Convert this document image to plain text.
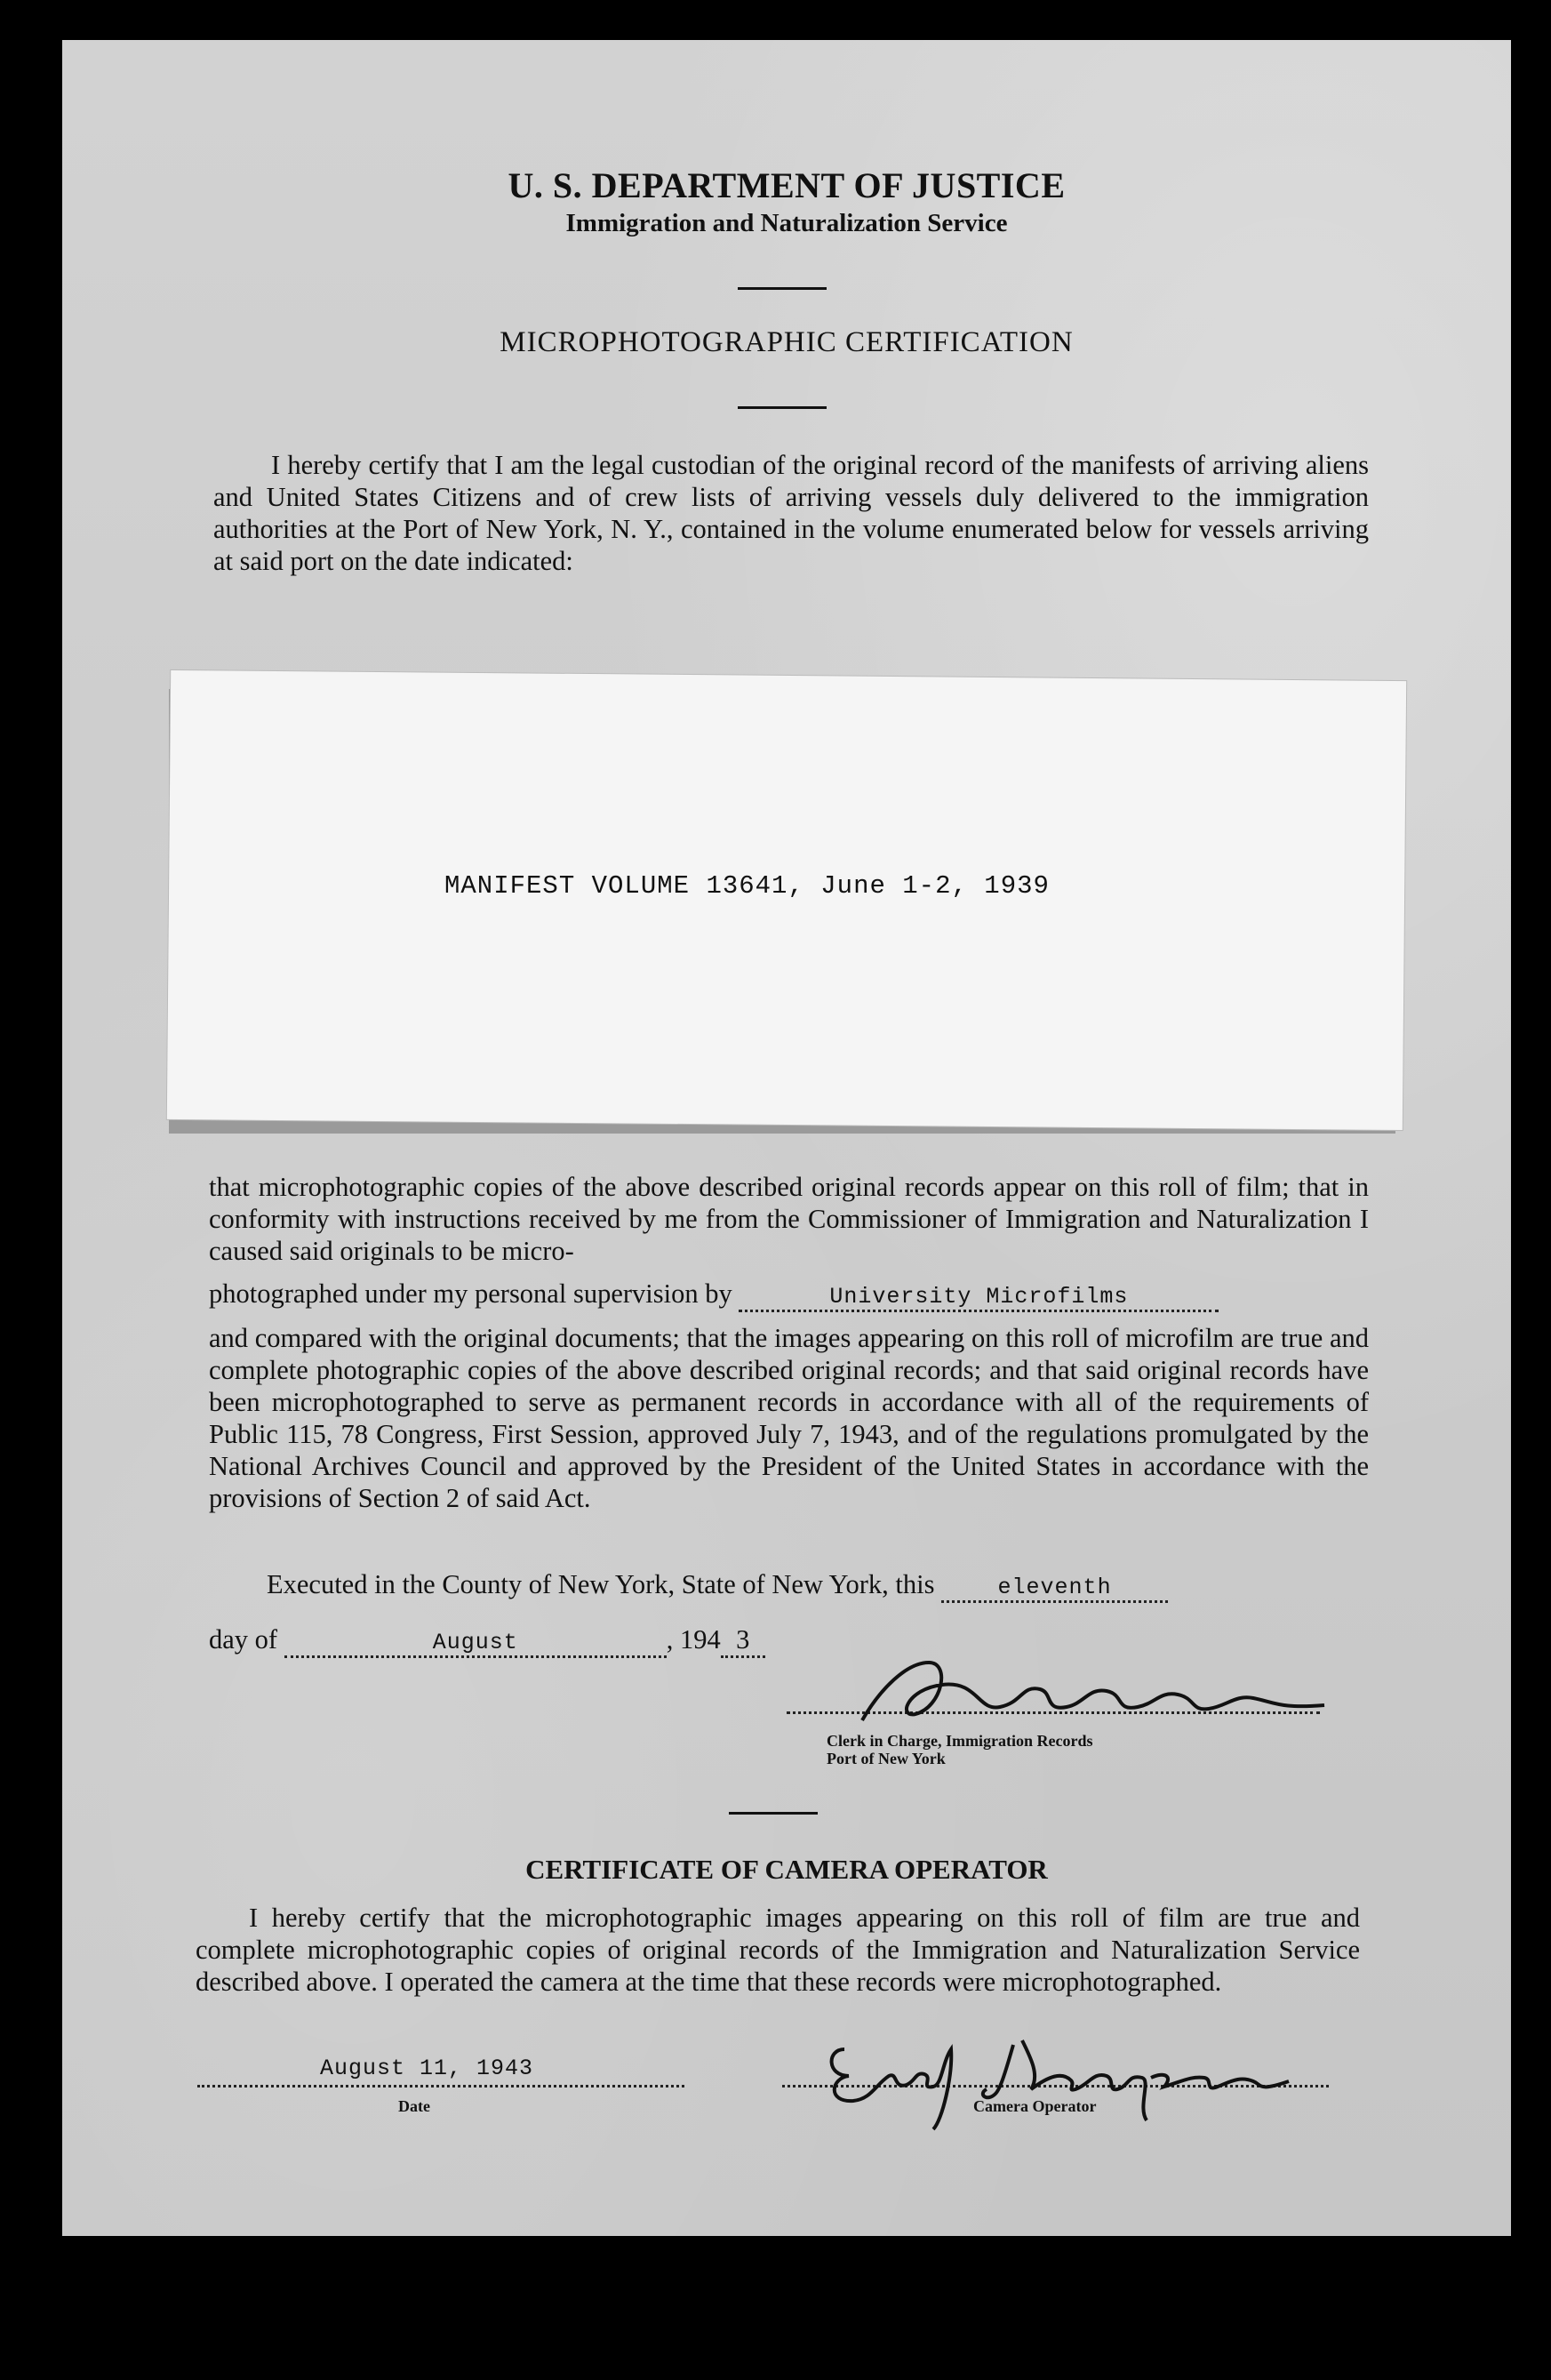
U. S. DEPARTMENT OF JUSTICE
Immigration and Naturalization Service
MICROPHOTOGRAPHIC CERTIFICATION
I hereby certify that I am the legal custodian of the original record of the manifests of arriving aliens and United States Citizens and of crew lists of arriving vessels duly delivered to the immigration authorities at the Port of New York, N. Y., contained in the volume enumerated below for vessels arriving at said port on the date indicated:
MANIFEST VOLUME 13641, June 1-2, 1939
that microphotographic copies of the above described original records appear on this roll of film; that in conformity with instructions received by me from the Commissioner of Immigration and Naturalization I caused said originals to be micro-
photographed under my personal supervision by	University Microfilms
and compared with the original documents; that the images appearing on this roll of microfilm are true and complete photographic copies of the above described original records; and that said original records have been microphotographed to serve as permanent records in accordance with all of the requirements of Public 115, 78 Congress, First Session, approved July 7, 1943, and of the regulations promulgated by the National Archives Council and approved by the President of the United States in accordance with the provisions of Section 2 of said Act.
Executed in the County of New York, State of New York, this	eleventh
day of	August	, 194 3
Clerk in Charge, Immigration Records
Port of New York
CERTIFICATE OF CAMERA OPERATOR
I hereby certify that the microphotographic images appearing on this roll of film are true and complete microphotographic copies of original records of the Immigration and Naturalization Service described above. I operated the camera at the time that these records were microphotographed.
August 11, 1943
Date	Camera Operator
